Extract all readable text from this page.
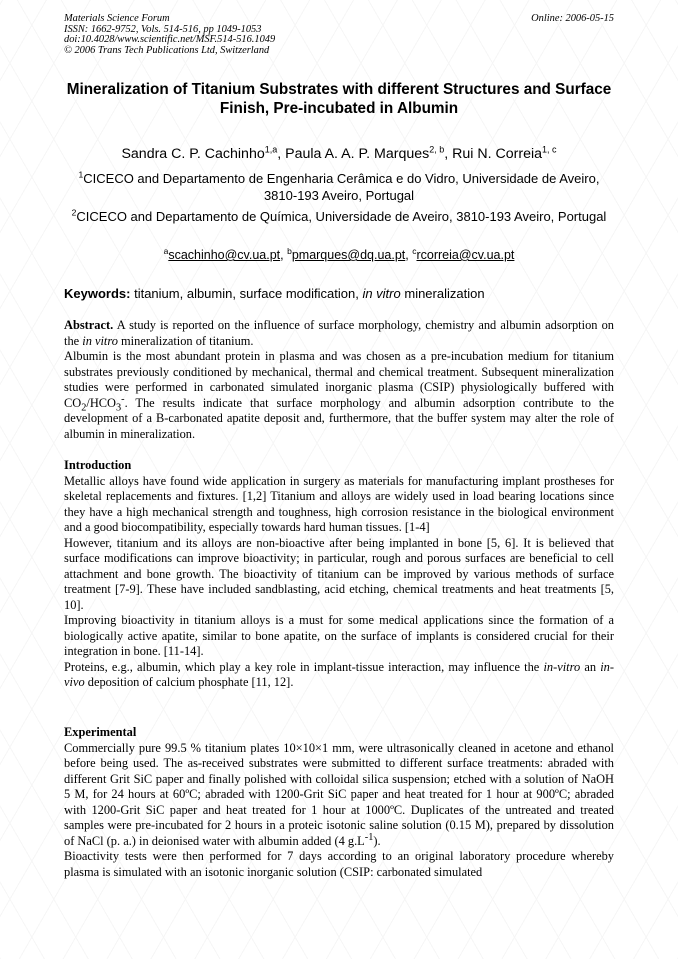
Materials Science Forum
ISSN: 1662-9752, Vols. 514-516, pp 1049-1053
doi:10.4028/www.scientific.net/MSF.514-516.1049
© 2006 Trans Tech Publications Ltd, Switzerland
Online: 2006-05-15
Mineralization of Titanium Substrates with different Structures and Surface Finish, Pre-incubated in Albumin
Sandra C. P. Cachinho$^{1,a}$, Paula A. A. P. Marques$^{2, b}$, Rui N. Correia$^{1, c}$
$^1$CICECO and Departamento de Engenharia Cerâmica e do Vidro, Universidade de Aveiro, 3810-193 Aveiro, Portugal
$^2$CICECO and Departamento de Química, Universidade de Aveiro, 3810-193 Aveiro, Portugal
$^a$scachinho@cv.ua.pt, $^b$pmarques@dq.ua.pt, $^c$rcorreia@cv.ua.pt
Keywords: titanium, albumin, surface modification, in vitro mineralization

Abstract. A study is reported on the influence of surface morphology, chemistry and albumin adsorption on the in vitro mineralization of titanium.

Albumin is the most abundant protein in plasma and was chosen as a pre-incubation medium for titanium substrates previously conditioned by mechanical, thermal and chemical treatment. Subsequent mineralization studies were performed in carbonated simulated inorganic plasma (CSIP) physiologically buffered with $CO_2/HCO_3^-$. The results indicate that surface morphology and albumin adsorption contribute to the development of a B-carbonated apatite deposit and, furthermore, that the buffer system may alter the role of albumin in mineralization.

Introduction

Metallic alloys have found wide application in surgery as materials for manufacturing implant prostheses for skeletal replacements and fixtures. [1,2] Titanium and alloys are widely used in load bearing locations since they have a high mechanical strength and toughness, high corrosion resistance in the biological environment and a good biocompatibility, especially towards hard human tissues. [1-4]

However, titanium and its alloys are non-bioactive after being implanted in bone [5, 6]. It is believed that surface modifications can improve bioactivity; in particular, rough and porous surfaces are beneficial to cell attachment and bone growth. The bioactivity of titanium can be improved by various methods of surface treatment [7-9]. These have included sandblasting, acid etching, chemical treatments and heat treatments [5, 10].

Improving bioactivity in titanium alloys is a must for some medical applications since the formation of a biologically active apatite, similar to bone apatite, on the surface of implants is considered crucial for their integration in bone. [11-14].

Proteins, e.g., albumin, which play a key role in implant-tissue interaction, may influence the in-vitro an in-vivo deposition of calcium phosphate [11, 12].

Experimental

Commercially pure 99.5 % titanium plates 10×10×1 mm, were ultrasonically cleaned in acetone and ethanol before being used. The as-received substrates were submitted to different surface treatments: abraded with different Grit SiC paper and finally polished with colloidal silica suspension; etched with a solution of NaOH 5 M, for 24 hours at 60ºC; abraded with 1200-Grit SiC paper and heat treated for 1 hour at 900ºC; abraded with 1200-Grit SiC paper and heat treated for 1 hour at 1000ºC. Duplicates of the untreated and treated samples were pre-incubated for 2 hours in a proteic isotonic saline solution (0.15 M), prepared by dissolution of NaCl (p. a.) in deionised water with albumin added (4 $g.L^{-1}$).

Bioactivity tests were then performed for 7 days according to an original laboratory procedure whereby plasma is simulated with an isotonic inorganic solution (CSIP: carbonated simulated
